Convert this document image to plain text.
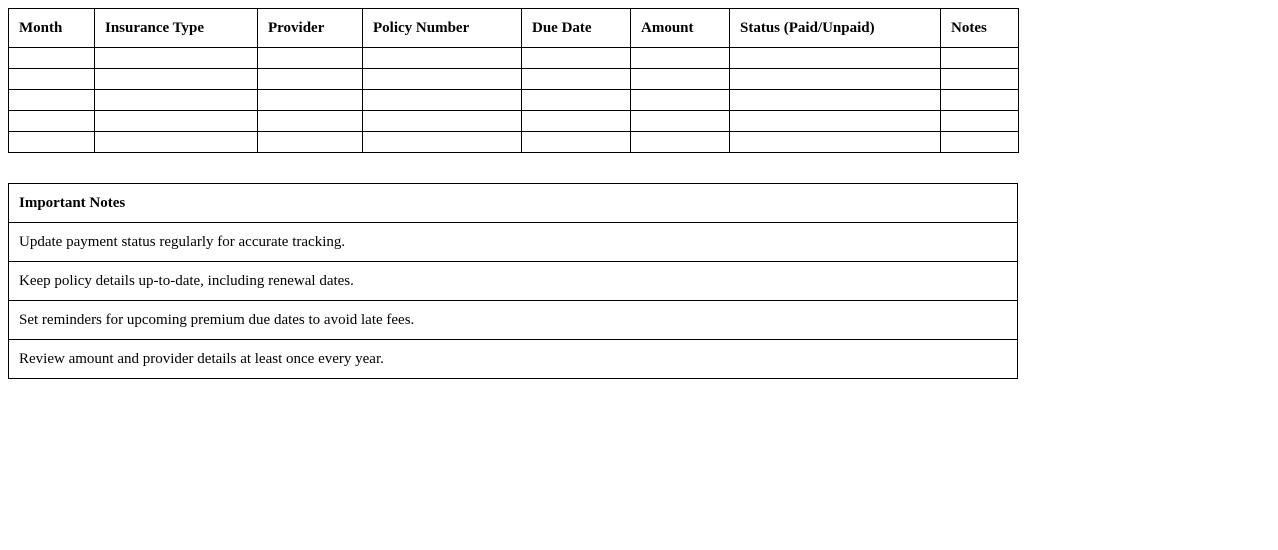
Month	Insurance Type	Provider	Policy Number	Due Date	Amount	Status (Paid/Unpaid)	Notes

Important Notes
Update payment status regularly for accurate tracking.
Keep policy details up-to-date, including renewal dates.
Set reminders for upcoming premium due dates to avoid late fees.
Review amount and provider details at least once every year.
